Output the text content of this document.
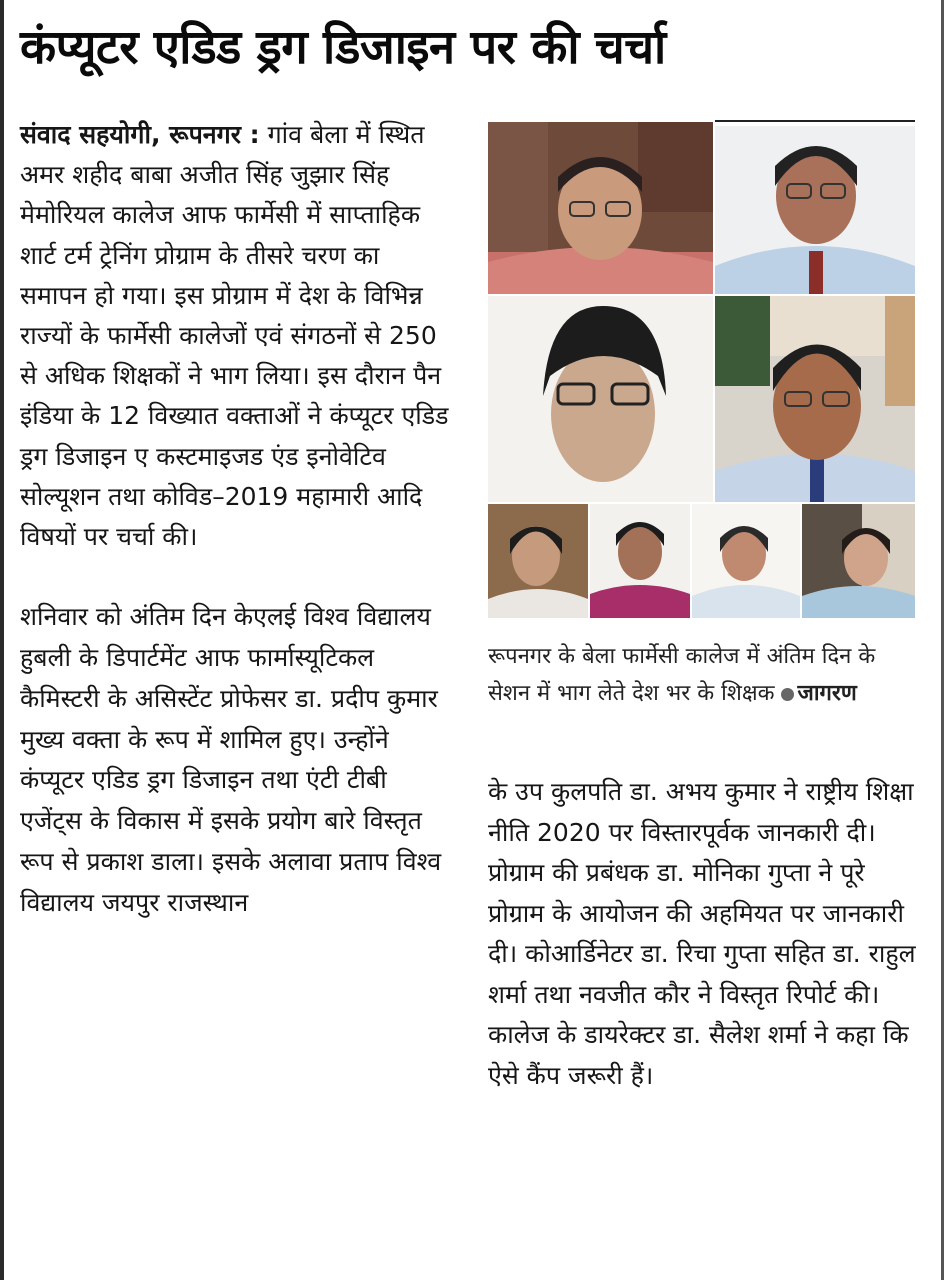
कंप्यूटर एडिड ड्रग डिजाइन पर की चर्चा

संवाद सहयोगी, रूपनगर : गांव बेला में स्थित अमर शहीद बाबा अजीत सिंह जुझार सिंह मेमोरियल कालेज आफ फार्मेसी में साप्ताहिक शार्ट टर्म ट्रेनिंग प्रोग्राम के तीसरे चरण का समापन हो गया। इस प्रोग्राम में देश के विभिन्न राज्यों के फार्मेसी कालेजों एवं संगठनों से 250 से अधिक शिक्षकों ने भाग लिया। इस दौरान पैन इंडिया के 12 विख्यात वक्ताओं ने कंप्यूटर एडिड ड्रग डिजाइन ए कस्टमाइजड एंड इनोवेटिव सोल्यूशन तथा कोविड–2019 महामारी आदि विषयों पर चर्चा की।

शनिवार को अंतिम दिन केएलई विश्व विद्यालय हुबली के डिपार्टमेंट आफ फार्मास्यूटिकल कैमिस्टरी के असिस्टेंट प्रोफेसर डा. प्रदीप कुमार मुख्य वक्ता के रूप में शामिल हुए। उन्होंने कंप्यूटर एडिड ड्रग डिजाइन तथा एंटी टीबी एजेंट्स के विकास में इसके प्रयोग बारे विस्तृत रूप से प्रकाश डाला। इसके अलावा प्रताप विश्व विद्यालय जयपुर राजस्थान

रूपनगर के बेला फार्मेसी कालेज में अंतिम दिन के सेशन में भाग लेते देश भर के शिक्षक जागरण

के उप कुलपति डा. अभय कुमार ने राष्ट्रीय शिक्षा नीति 2020 पर विस्तारपूर्वक जानकारी दी। प्रोग्राम की प्रबंधक डा. मोनिका गुप्ता ने पूरे प्रोग्राम के आयोजन की अहमियत पर जानकारी दी। कोआर्डिनेटर डा. रिचा गुप्ता सहित डा. राहुल शर्मा तथा नवजीत कौर ने विस्तृत रिपोर्ट की। कालेज के डायरेक्टर डा. सैलेश शर्मा ने कहा कि ऐसे कैंप जरूरी हैं।
